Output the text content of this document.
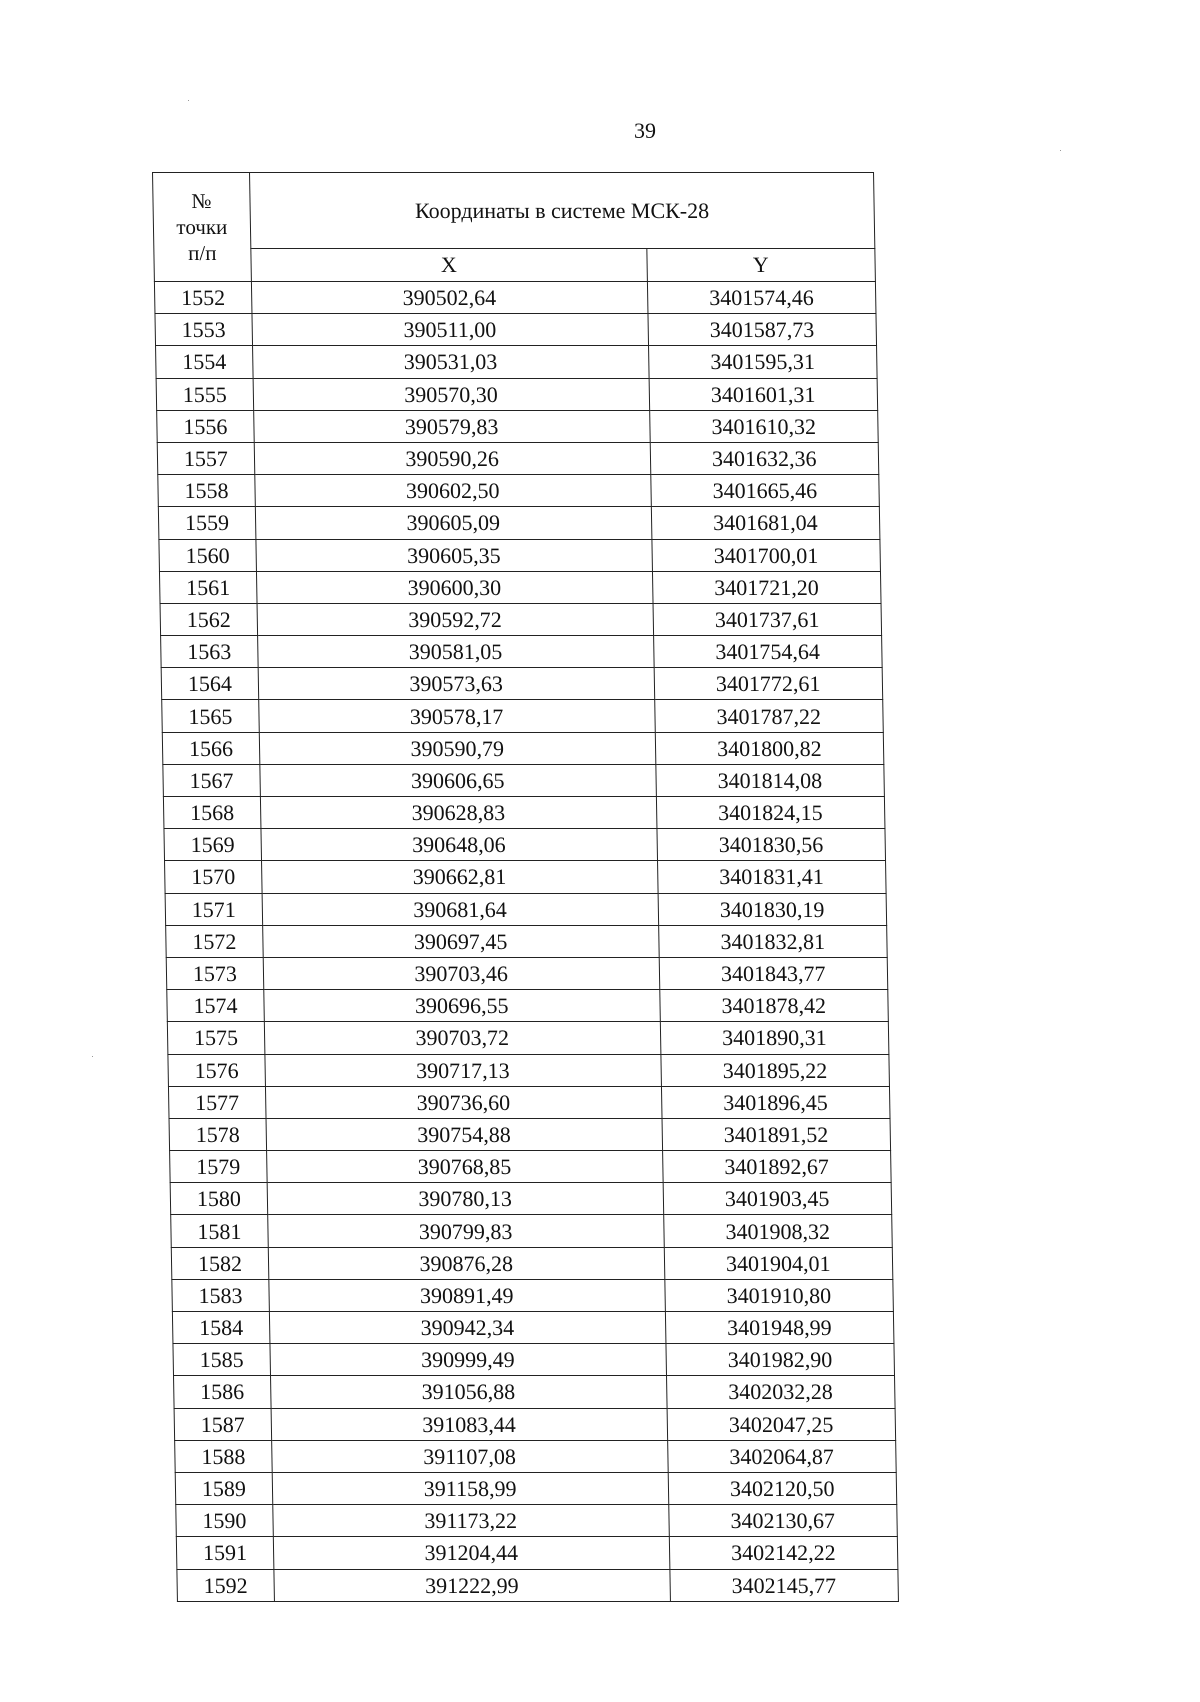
39
№
точки
п/п	Координаты в системе МСК-28	
	X	Y
1552	390502,64	3401574,46
1553	390511,00	3401587,73
1554	390531,03	3401595,31
1555	390570,30	3401601,31
1556	390579,83	3401610,32
1557	390590,26	3401632,36
1558	390602,50	3401665,46
1559	390605,09	3401681,04
1560	390605,35	3401700,01
1561	390600,30	3401721,20
1562	390592,72	3401737,61
1563	390581,05	3401754,64
1564	390573,63	3401772,61
1565	390578,17	3401787,22
1566	390590,79	3401800,82
1567	390606,65	3401814,08
1568	390628,83	3401824,15
1569	390648,06	3401830,56
1570	390662,81	3401831,41
1571	390681,64	3401830,19
1572	390697,45	3401832,81
1573	390703,46	3401843,77
1574	390696,55	3401878,42
1575	390703,72	3401890,31
1576	390717,13	3401895,22
1577	390736,60	3401896,45
1578	390754,88	3401891,52
1579	390768,85	3401892,67
1580	390780,13	3401903,45
1581	390799,83	3401908,32
1582	390876,28	3401904,01
1583	390891,49	3401910,80
1584	390942,34	3401948,99
1585	390999,49	3401982,90
1586	391056,88	3402032,28
1587	391083,44	3402047,25
1588	391107,08	3402064,87
1589	391158,99	3402120,50
1590	391173,22	3402130,67
1591	391204,44	3402142,22
1592	391222,99	3402145,77
